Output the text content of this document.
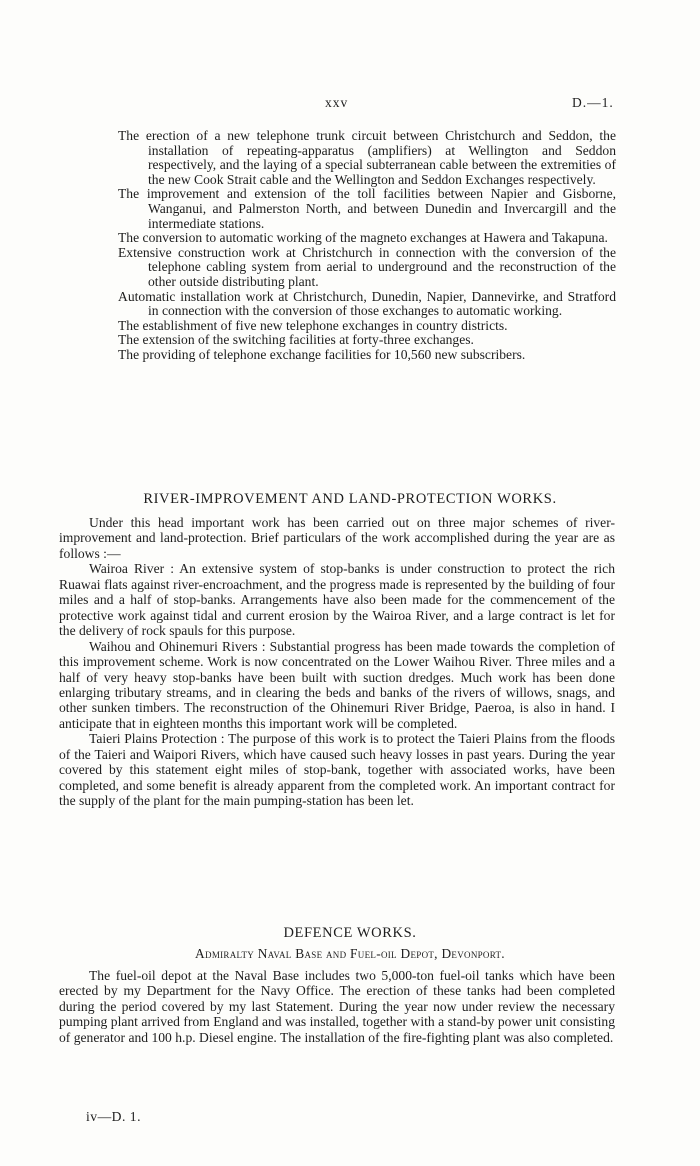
xxv	D.—1.
The erection of a new telephone trunk circuit between Christchurch and Seddon, the installation of repeating-apparatus (amplifiers) at Wellington and Seddon respectively, and the laying of a special subterranean cable between the extremities of the new Cook Strait cable and the Wellington and Seddon Exchanges respectively.
The improvement and extension of the toll facilities between Napier and Gisborne, Wanganui, and Palmerston North, and between Dunedin and Invercargill and the intermediate stations.
The conversion to automatic working of the magneto exchanges at Hawera and Takapuna.
Extensive construction work at Christchurch in connection with the conversion of the telephone cabling system from aerial to underground and the reconstruction of the other outside distributing plant.
Automatic installation work at Christchurch, Dunedin, Napier, Dannevirke, and Stratford in connection with the conversion of those exchanges to automatic working.
The establishment of five new telephone exchanges in country districts.
The extension of the switching facilities at forty-three exchanges.
The providing of telephone exchange facilities for 10,560 new subscribers.
RIVER-IMPROVEMENT AND LAND-PROTECTION WORKS.

Under this head important work has been carried out on three major schemes of river-improvement and land-protection. Brief particulars of the work accomplished during the year are as follows :—

Wairoa River : An extensive system of stop-banks is under construction to protect the rich Ruawai flats against river-encroachment, and the progress made is represented by the building of four miles and a half of stop-banks. Arrangements have also been made for the commencement of the protective work against tidal and current erosion by the Wairoa River, and a large contract is let for the delivery of rock spauls for this purpose.

Waihou and Ohinemuri Rivers : Substantial progress has been made towards the completion of this improvement scheme. Work is now concentrated on the Lower Waihou River. Three miles and a half of very heavy stop-banks have been built with suction dredges. Much work has been done enlarging tributary streams, and in clearing the beds and banks of the rivers of willows, snags, and other sunken timbers. The reconstruction of the Ohinemuri River Bridge, Paeroa, is also in hand. I anticipate that in eighteen months this important work will be completed.

Taieri Plains Protection : The purpose of this work is to protect the Taieri Plains from the floods of the Taieri and Waipori Rivers, which have caused such heavy losses in past years. During the year covered by this statement eight miles of stop-bank, together with associated works, have been completed, and some benefit is already apparent from the completed work. An important contract for the supply of the plant for the main pumping-station has been let.

DEFENCE WORKS.
Admiralty Naval Base and Fuel-oil Depot, Devonport.

The fuel-oil depot at the Naval Base includes two 5,000-ton fuel-oil tanks which have been erected by my Department for the Navy Office. The erection of these tanks had been completed during the period covered by my last Statement. During the year now under review the necessary pumping plant arrived from England and was installed, together with a stand-by power unit consisting of generator and 100 h.p. Diesel engine. The installation of the fire-fighting plant was also completed.

iv—D. 1.
